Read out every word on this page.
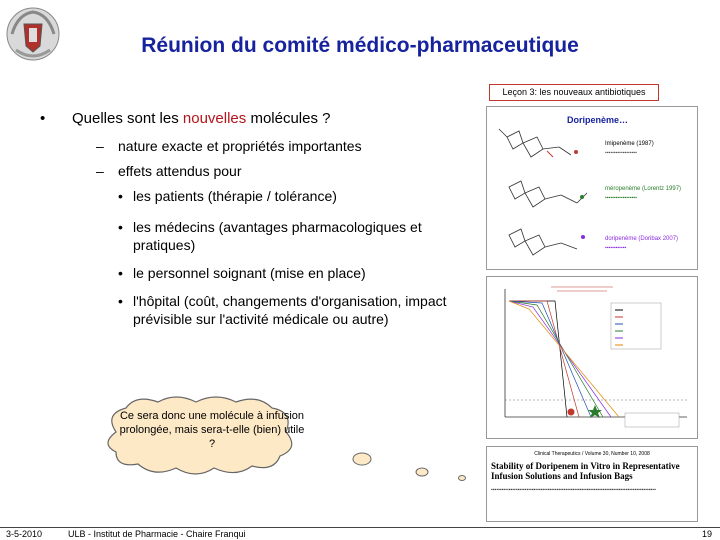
Réunion du comité médico-pharmaceutique
Leçon 3: les nouveaux antibiotiques
• Quelles sont les nouvelles molécules ?
– nature exacte et propriétés importantes
– effets attendus pour
• les patients (thérapie / tolérance)
• les médecins (avantages pharmacologiques et pratiques)
• le personnel soignant (mise en place)
• l'hôpital (coût, changements d'organisation, impact prévisible sur l'activité médicale ou autre)
Ce sera donc une molécule à infusion prolongée, mais sera-t-elle (bien) utile ?
Doripenème…
Imipenème (1987)
▪▪▪▪▪▪▪▪▪▪▪▪▪▪▪▪▪▪
méropenème (Lorentz 1997)
▪▪▪▪▪▪▪▪▪▪▪▪▪▪▪▪▪▪
doripenème (Doribax 2007)
▪▪▪▪▪▪▪▪▪▪▪▪
Clinical Therapeutics / Volume 30, Number 10, 2008
Stability of Doripenem in Vitro in Representative Infusion Solutions and Infusion Bags
▪▪▪▪▪▪▪▪▪▪▪▪▪▪▪▪▪▪▪▪▪▪▪▪▪▪▪▪▪▪▪▪▪▪▪▪▪▪▪▪▪▪▪▪▪▪▪▪▪▪▪▪▪▪▪▪▪▪▪▪▪▪▪▪▪▪▪▪▪▪▪▪▪▪▪▪▪▪▪▪▪▪▪▪▪▪▪▪▪▪▪▪▪
3-5-2010	ULB - Institut de Pharmacie - Chaire Franqui	19
